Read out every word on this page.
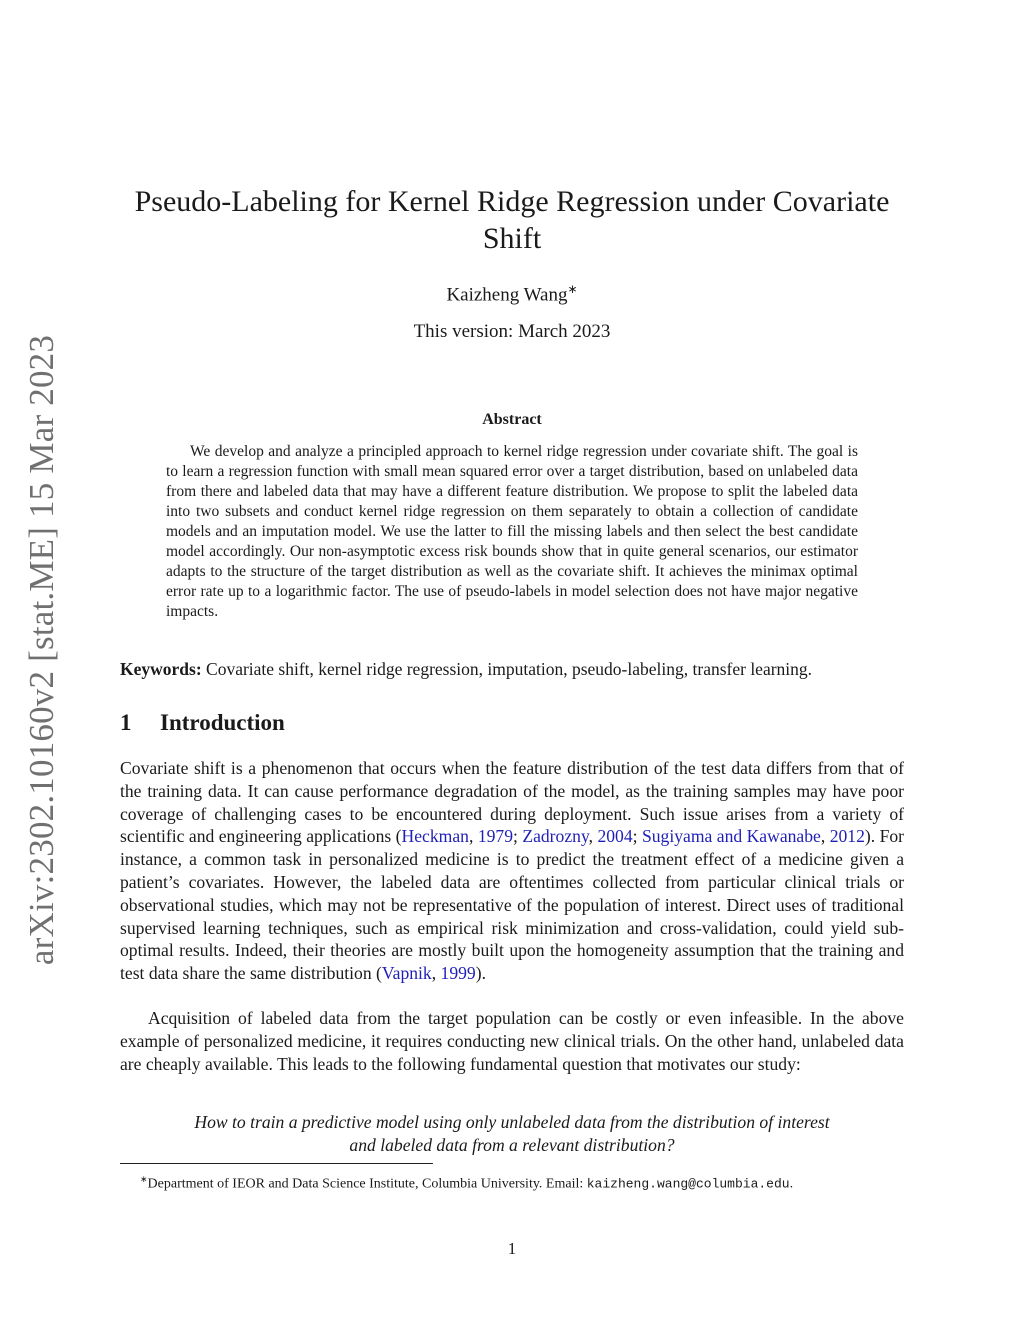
arXiv:2302.10160v2 [stat.ME] 15 Mar 2023
Pseudo-Labeling for Kernel Ridge Regression under Covariate
Shift
Kaizheng Wang∗
This version: March 2023
Abstract

We develop and analyze a principled approach to kernel ridge regression under covariate shift. The goal is to learn a regression function with small mean squared error over a target distribution, based on unlabeled data from there and labeled data that may have a different feature distribution. We propose to split the labeled data into two subsets and conduct kernel ridge regression on them separately to obtain a collection of candidate models and an imputation model. We use the latter to fill the missing labels and then select the best candidate model accordingly. Our non-asymptotic excess risk bounds show that in quite general scenarios, our estimator adapts to the structure of the target distribution as well as the covariate shift. It achieves the minimax optimal error rate up to a logarithmic factor. The use of pseudo-labels in model selection does not have major negative impacts.

Keywords: Covariate shift, kernel ridge regression, imputation, pseudo-labeling, transfer learning.

1 Introduction

Covariate shift is a phenomenon that occurs when the feature distribution of the test data differs from that of the training data. It can cause performance degradation of the model, as the training samples may have poor coverage of challenging cases to be encountered during deployment. Such issue arises from a variety of scientific and engineering applications (Heckman, 1979; Zadrozny, 2004; Sugiyama and Kawanabe, 2012). For instance, a common task in personalized medicine is to predict the treatment effect of a medicine given a patient’s covariates. However, the labeled data are oftentimes collected from particular clinical trials or observational studies, which may not be representative of the population of interest. Direct uses of traditional supervised learning techniques, such as empirical risk minimization and cross-validation, could yield sub-optimal results. Indeed, their theories are mostly built upon the homogeneity assumption that the training and test data share the same distribution (Vapnik, 1999).

Acquisition of labeled data from the target population can be costly or even infeasible. In the above example of personalized medicine, it requires conducting new clinical trials. On the other hand, unlabeled data are cheaply available. This leads to the following fundamental question that motivates our study:

How to train a predictive model using only unlabeled data from the distribution of interest
and labeled data from a relevant distribution?

∗Department of IEOR and Data Science Institute, Columbia University. Email: kaizheng.wang@columbia.edu.
1
